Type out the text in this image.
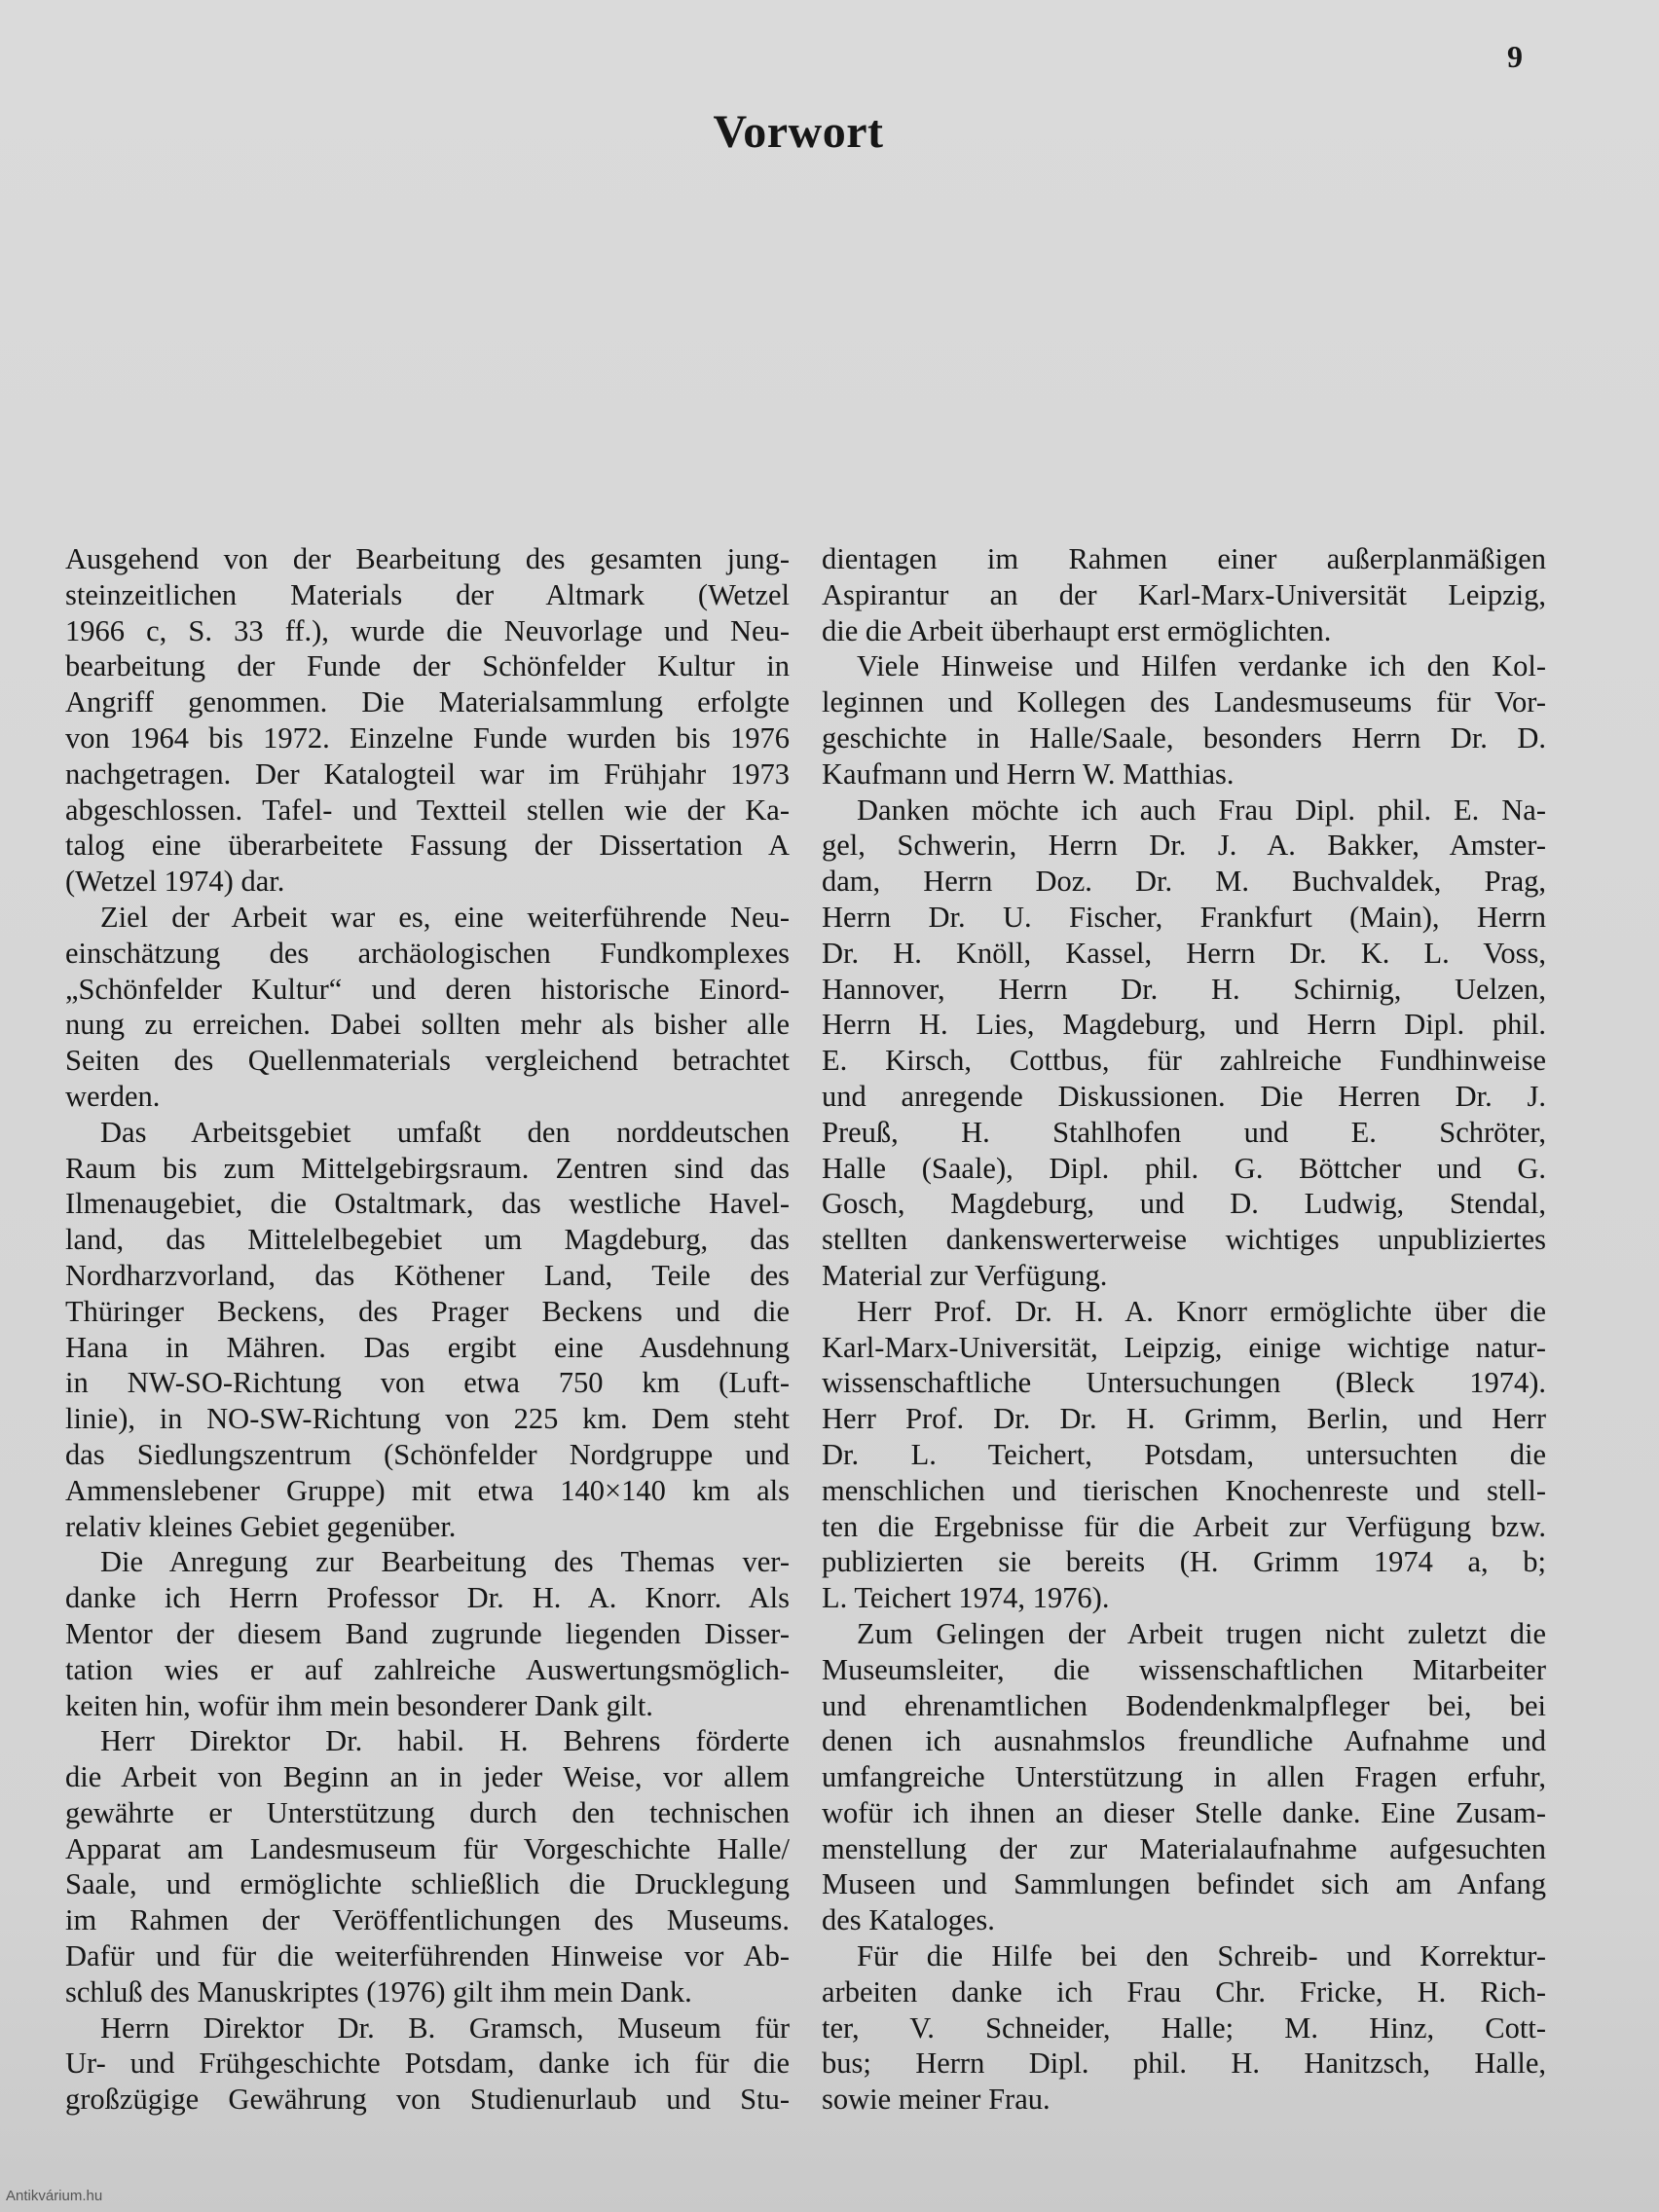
9
Vorwort
Ausgehend von der Bearbeitung des gesamten jung-
steinzeitlichen Materials der Altmark (Wetzel
1966 c, S. 33 ff.), wurde die Neuvorlage und Neu-
bearbeitung der Funde der Schönfelder Kultur in
Angriff genommen. Die Materialsammlung erfolgte
von 1964 bis 1972. Einzelne Funde wurden bis 1976
nachgetragen. Der Katalogteil war im Frühjahr 1973
abgeschlossen. Tafel- und Textteil stellen wie der Ka-
talog eine überarbeitete Fassung der Dissertation A
(Wetzel 1974) dar.
Ziel der Arbeit war es, eine weiterführende Neu-
einschätzung des archäologischen Fundkomplexes
„Schönfelder Kultur“ und deren historische Einord-
nung zu erreichen. Dabei sollten mehr als bisher alle
Seiten des Quellenmaterials vergleichend betrachtet
werden.
Das Arbeitsgebiet umfaßt den norddeutschen
Raum bis zum Mittelgebirgsraum. Zentren sind das
Ilmenaugebiet, die Ostaltmark, das westliche Havel-
land, das Mittelelbegebiet um Magdeburg, das
Nordharzvorland, das Köthener Land, Teile des
Thüringer Beckens, des Prager Beckens und die
Hana in Mähren. Das ergibt eine Ausdehnung
in NW-SO-Richtung von etwa 750 km (Luft-
linie), in NO-SW-Richtung von 225 km. Dem steht
das Siedlungszentrum (Schönfelder Nordgruppe und
Ammenslebener Gruppe) mit etwa 140×140 km als
relativ kleines Gebiet gegenüber.
Die Anregung zur Bearbeitung des Themas ver-
danke ich Herrn Professor Dr. H. A. Knorr. Als
Mentor der diesem Band zugrunde liegenden Disser-
tation wies er auf zahlreiche Auswertungsmöglich-
keiten hin, wofür ihm mein besonderer Dank gilt.
Herr Direktor Dr. habil. H. Behrens förderte
die Arbeit von Beginn an in jeder Weise, vor allem
gewährte er Unterstützung durch den technischen
Apparat am Landesmuseum für Vorgeschichte Halle/
Saale, und ermöglichte schließlich die Drucklegung
im Rahmen der Veröffentlichungen des Museums.
Dafür und für die weiterführenden Hinweise vor Ab-
schluß des Manuskriptes (1976) gilt ihm mein Dank.
Herrn Direktor Dr. B. Gramsch, Museum für
Ur- und Frühgeschichte Potsdam, danke ich für die
großzügige Gewährung von Studienurlaub und Stu-
dientagen im Rahmen einer außerplanmäßigen
Aspirantur an der Karl-Marx-Universität Leipzig,
die die Arbeit überhaupt erst ermöglichten.
Viele Hinweise und Hilfen verdanke ich den Kol-
leginnen und Kollegen des Landesmuseums für Vor-
geschichte in Halle/Saale, besonders Herrn Dr. D.
Kaufmann und Herrn W. Matthias.
Danken möchte ich auch Frau Dipl. phil. E. Na-
gel, Schwerin, Herrn Dr. J. A. Bakker, Amster-
dam, Herrn Doz. Dr. M. Buchvaldek, Prag,
Herrn Dr. U. Fischer, Frankfurt (Main), Herrn
Dr. H. Knöll, Kassel, Herrn Dr. K. L. Voss,
Hannover, Herrn Dr. H. Schirnig, Uelzen,
Herrn H. Lies, Magdeburg, und Herrn Dipl. phil.
E. Kirsch, Cottbus, für zahlreiche Fundhinweise
und anregende Diskussionen. Die Herren Dr. J.
Preuß, H. Stahlhofen und E. Schröter,
Halle (Saale), Dipl. phil. G. Böttcher und G.
Gosch, Magdeburg, und D. Ludwig, Stendal,
stellten dankenswerterweise wichtiges unpubliziertes
Material zur Verfügung.
Herr Prof. Dr. H. A. Knorr ermöglichte über die
Karl-Marx-Universität, Leipzig, einige wichtige natur-
wissenschaftliche Untersuchungen (Bleck 1974).
Herr Prof. Dr. Dr. H. Grimm, Berlin, und Herr
Dr. L. Teichert, Potsdam, untersuchten die
menschlichen und tierischen Knochenreste und stell-
ten die Ergebnisse für die Arbeit zur Verfügung bzw.
publizierten sie bereits (H. Grimm 1974 a, b;
L. Teichert 1974, 1976).
Zum Gelingen der Arbeit trugen nicht zuletzt die
Museumsleiter, die wissenschaftlichen Mitarbeiter
und ehrenamtlichen Bodendenkmalpfleger bei, bei
denen ich ausnahmslos freundliche Aufnahme und
umfangreiche Unterstützung in allen Fragen erfuhr,
wofür ich ihnen an dieser Stelle danke. Eine Zusam-
menstellung der zur Materialaufnahme aufgesuchten
Museen und Sammlungen befindet sich am Anfang
des Kataloges.
Für die Hilfe bei den Schreib- und Korrektur-
arbeiten danke ich Frau Chr. Fricke, H. Rich-
ter, V. Schneider, Halle; M. Hinz, Cott-
bus; Herrn Dipl. phil. H. Hanitzsch, Halle,
sowie meiner Frau.
Antikvárium.hu
